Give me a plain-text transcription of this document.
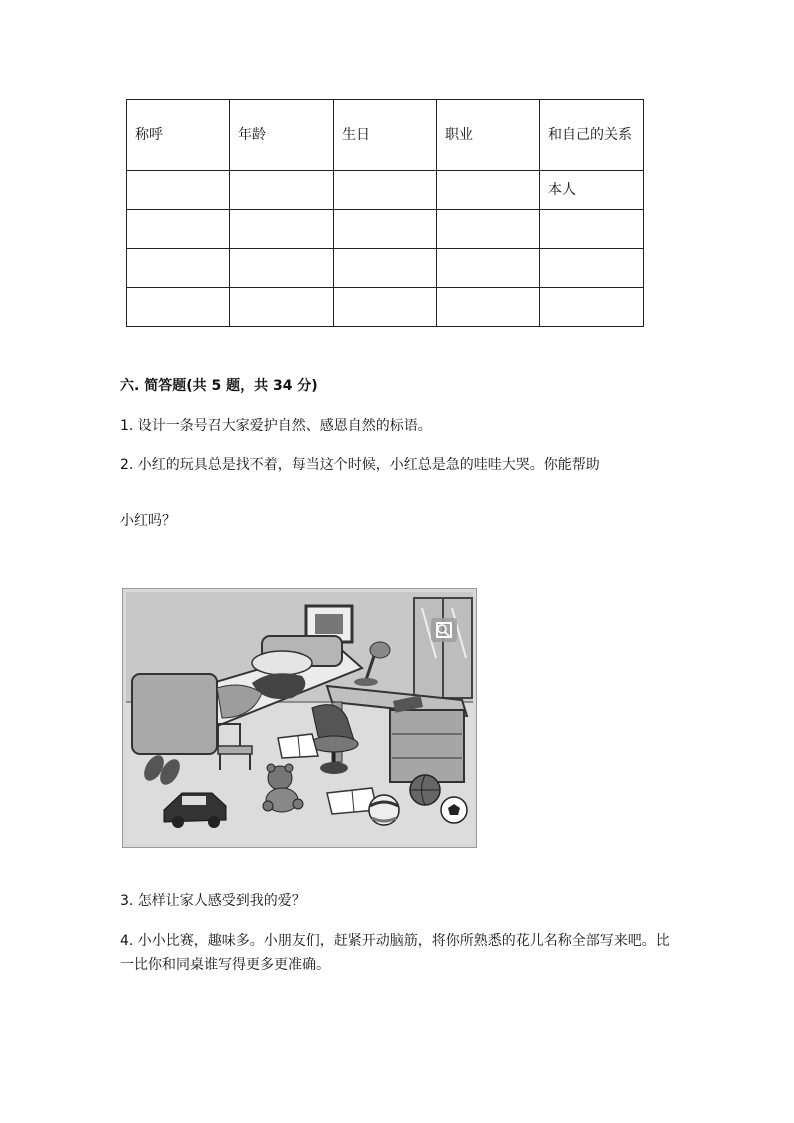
称呼	年龄	生日	职业	和自己的关系
				本人

六. 简答题(共 5 题，共 34 分)
1. 设计一条号召大家爱护自然、感恩自然的标语。
2. 小红的玩具总是找不着，每当这个时候，小红总是急的哇哇大哭。你能帮助
小红吗？
3. 怎样让家人感受到我的爱？
4. 小小比赛，趣味多。小朋友们，赶紧开动脑筋，将你所熟悉的花儿名称全部写来吧。比一比你和同桌谁写得更多更准确。
